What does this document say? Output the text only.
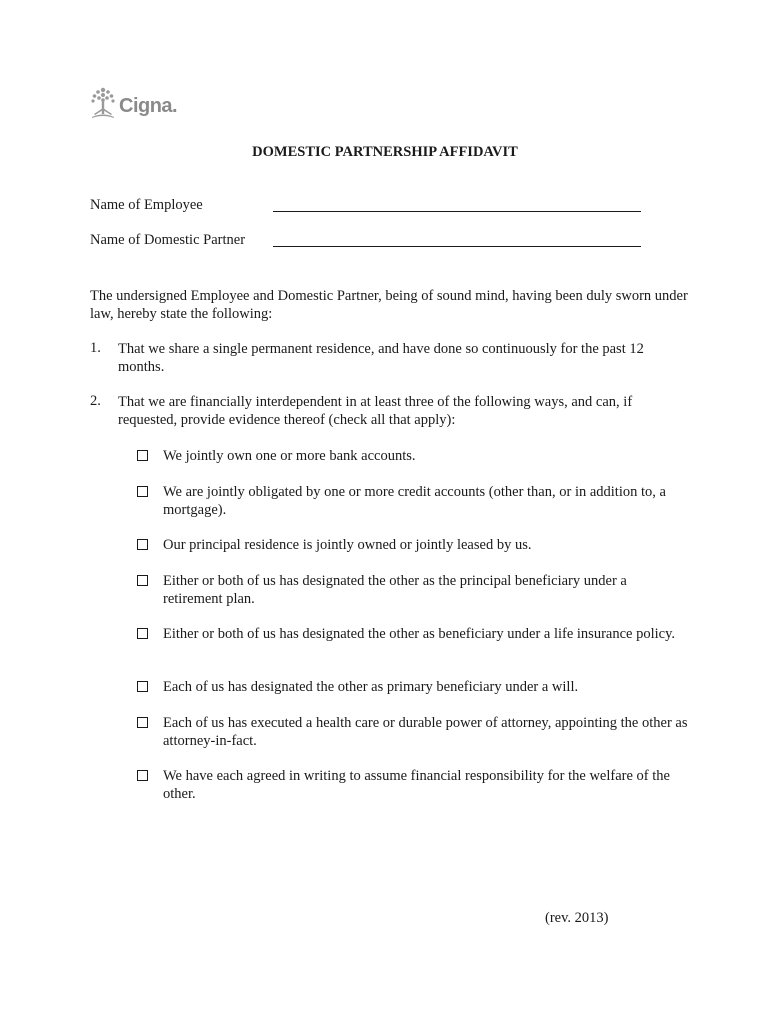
Cigna.
DOMESTIC PARTNERSHIP AFFIDAVIT
Name of Employee
Name of Domestic Partner
The undersigned Employee and Domestic Partner, being of sound mind, having been duly sworn under law, hereby state the following:
1. That we share a single permanent residence, and have done so continuously for the past 12 months.
2. That we are financially interdependent in at least three of the following ways, and can, if requested, provide evidence thereof (check all that apply):
We jointly own one or more bank accounts.
We are jointly obligated by one or more credit accounts (other than, or in addition to, a mortgage).
Our principal residence is jointly owned or jointly leased by us.
Either or both of us has designated the other as the principal beneficiary under a retirement plan.
Either or both of us has designated the other as beneficiary under a life insurance policy.
Each of us has designated the other as primary beneficiary under a will.
Each of us has executed a health care or durable power of attorney, appointing the other as attorney-in-fact.
We have each agreed in writing to assume financial responsibility for the welfare of the other.
(rev. 2013)
